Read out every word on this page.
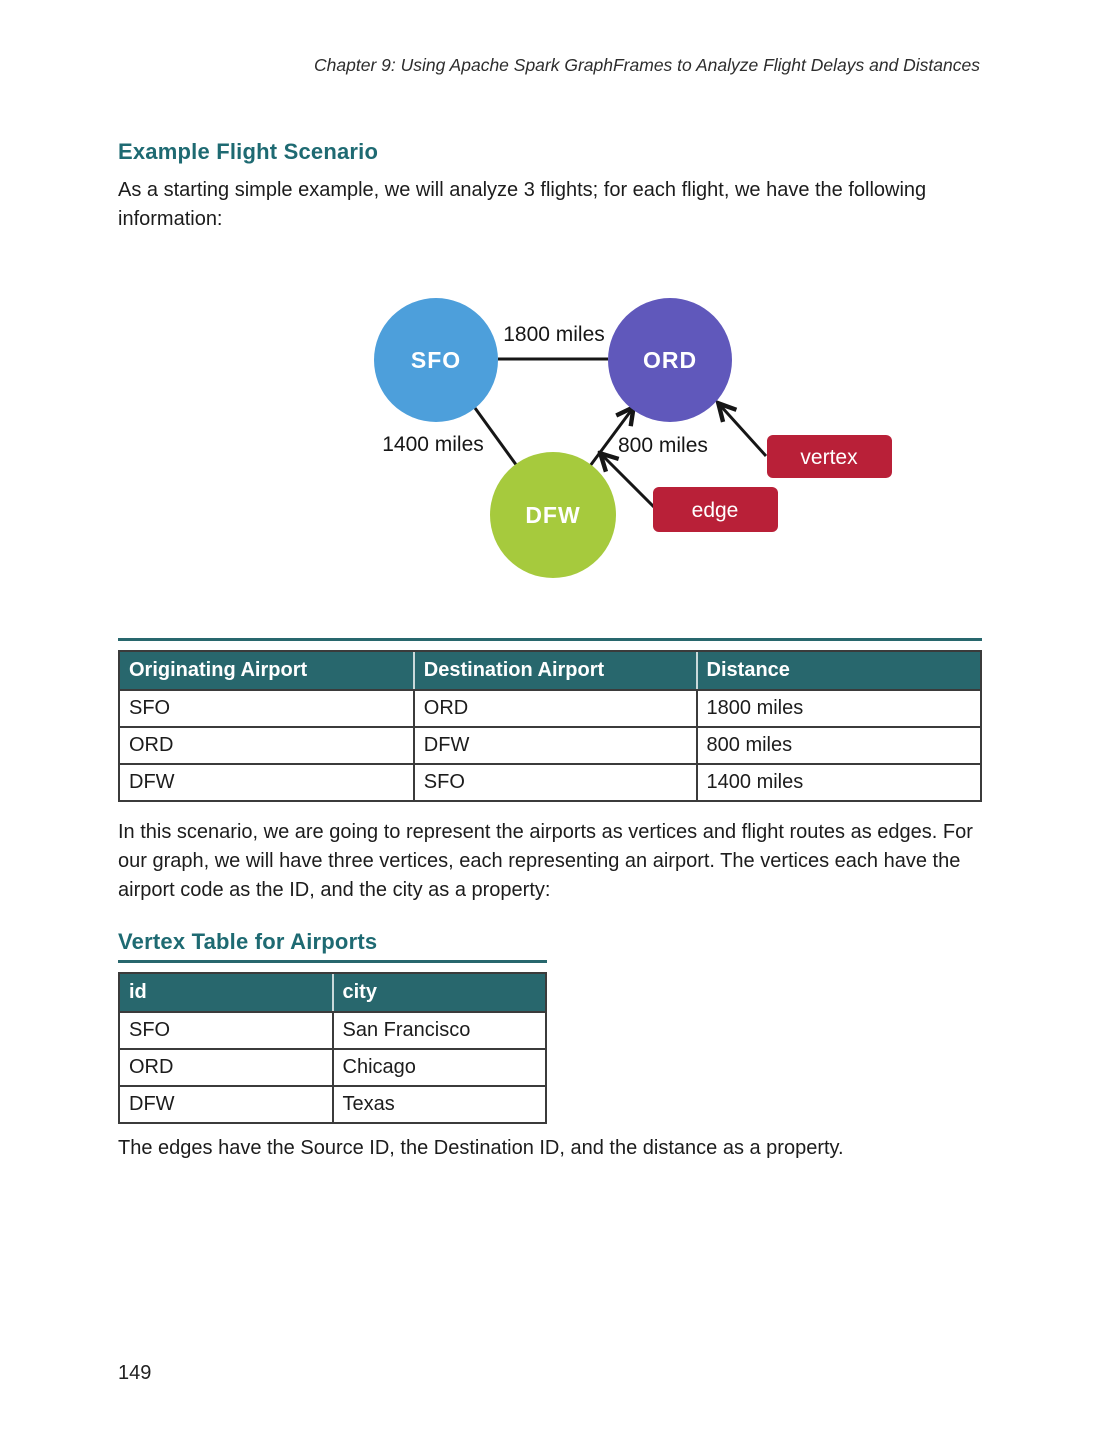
Chapter 9: Using Apache Spark GraphFrames to Analyze Flight Delays and Distances
Example Flight Scenario
As a starting simple example, we will analyze 3 flights; for each flight, we have the following information:
SFO	ORD
DFW
1800 miles
1400 miles	800 miles
vertex
edge
Originating Airport	Destination Airport	Distance
SFO	ORD	1800 miles
ORD	DFW	800 miles
DFW	SFO	1400 miles
In this scenario, we are going to represent the airports as vertices and flight routes as edges. For our graph, we will have three vertices, each representing an airport. The vertices each have the airport code as the ID, and the city as a property:
Vertex Table for Airports
id	city
SFO	San Francisco
ORD	Chicago
DFW	Texas
The edges have the Source ID, the Destination ID, and the distance as a property.
149
